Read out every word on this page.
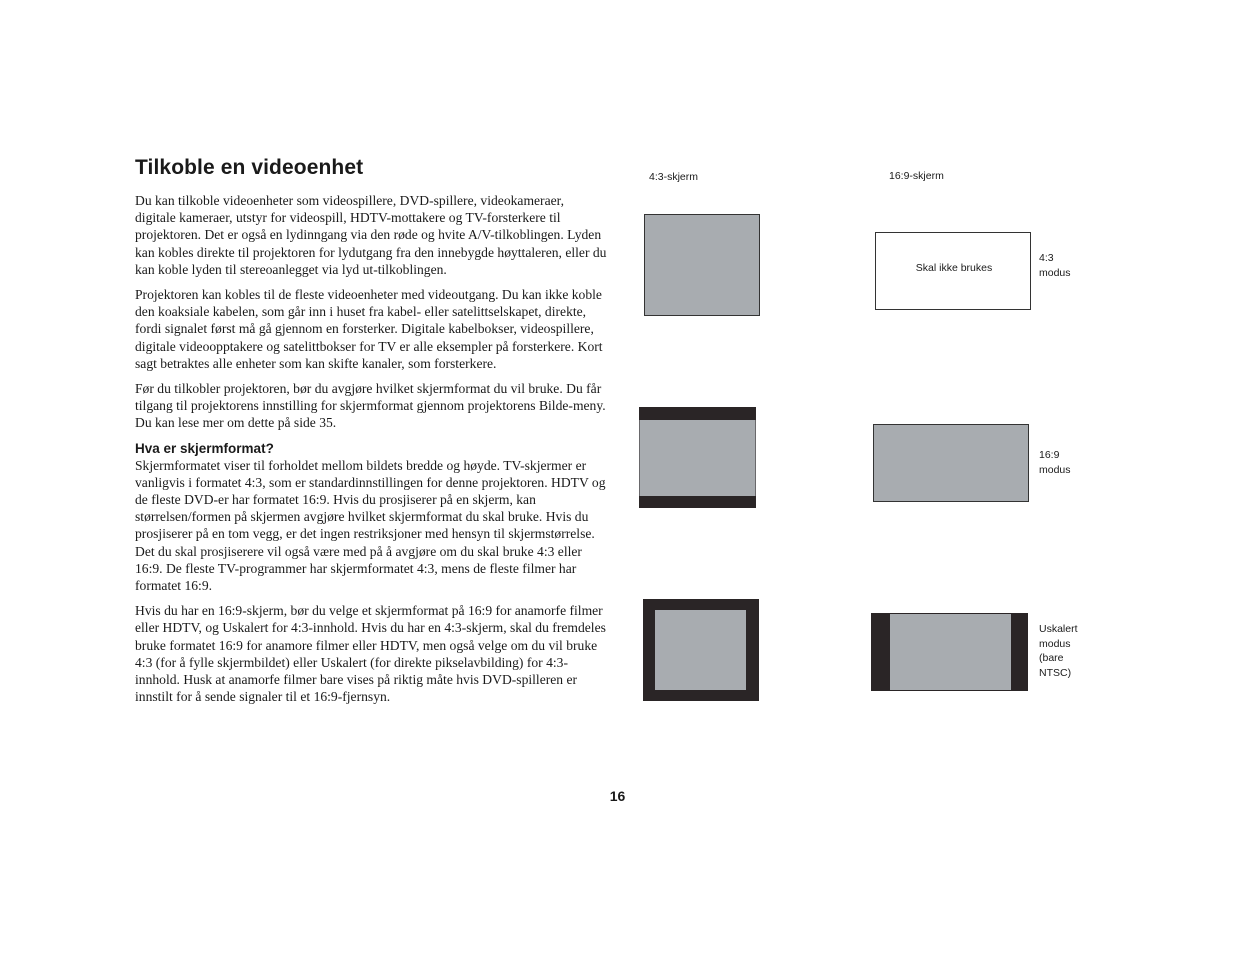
Tilkoble en videoenhet

Du kan tilkoble videoenheter som videospillere, DVD-spillere, videokameraer, digitale kameraer, utstyr for videospill, HDTV-mottakere og TV-forsterkere til projektoren. Det er også en lydinngang via den røde og hvite A/V-tilkoblingen. Lyden kan kobles direkte til projektoren for lydutgang fra den innebygde høyttaleren, eller du kan koble lyden til stereoanlegget via lyd ut-tilkoblingen.

Projektoren kan kobles til de fleste videoenheter med videoutgang. Du kan ikke koble den koaksiale kabelen, som går inn i huset fra kabel- eller satelittselskapet, direkte, fordi signalet først må gå gjennom en forsterker. Digitale kabelbokser, videospillere, digitale videoopptakere og satelittbokser for TV er alle eksempler på forsterkere. Kort sagt betraktes alle enheter som kan skifte kanaler, som forsterkere.

Før du tilkobler projektoren, bør du avgjøre hvilket skjermformat du vil bruke. Du får tilgang til projektorens innstilling for skjermformat gjennom projektorens Bilde-meny. Du kan lese mer om dette på side 35.

Hva er skjermformat?

Skjermformatet viser til forholdet mellom bildets bredde og høyde. TV-skjermer er vanligvis i formatet 4:3, som er standardinnstillingen for denne projektoren. HDTV og de fleste DVD-er har formatet 16:9. Hvis du prosjiserer på en skjerm, kan størrelsen/formen på skjermen avgjøre hvilket skjermformat du skal bruke. Hvis du prosjiserer på en tom vegg, er det ingen restriksjoner med hensyn til skjermstørrelse. Det du skal prosjiserere vil også være med på å avgjøre om du skal bruke 4:3 eller 16:9. De fleste TV-programmer har skjermformatet 4:3, mens de fleste filmer har formatet 16:9.

Hvis du har en 16:9-skjerm, bør du velge et skjermformat på 16:9 for anamorfe filmer eller HDTV, og Uskalert for 4:3-innhold. Hvis du har en 4:3-skjerm, skal du fremdeles bruke formatet 16:9 for anamore filmer eller HDTV, men også velge om du vil bruke 4:3 (for å fylle skjermbildet) eller Uskalert (for direkte pikselavbilding) for 4:3-innhold. Husk at anamorfe filmer bare vises på riktig måte hvis DVD-spilleren er innstilt for å sende signaler til et 16:9-fjernsyn.

4:3-skjerm	16:9-skjerm
Skal ikke brukes
4:3
modus
16:9
modus
Uskalert
modus
(bare
NTSC)
16
